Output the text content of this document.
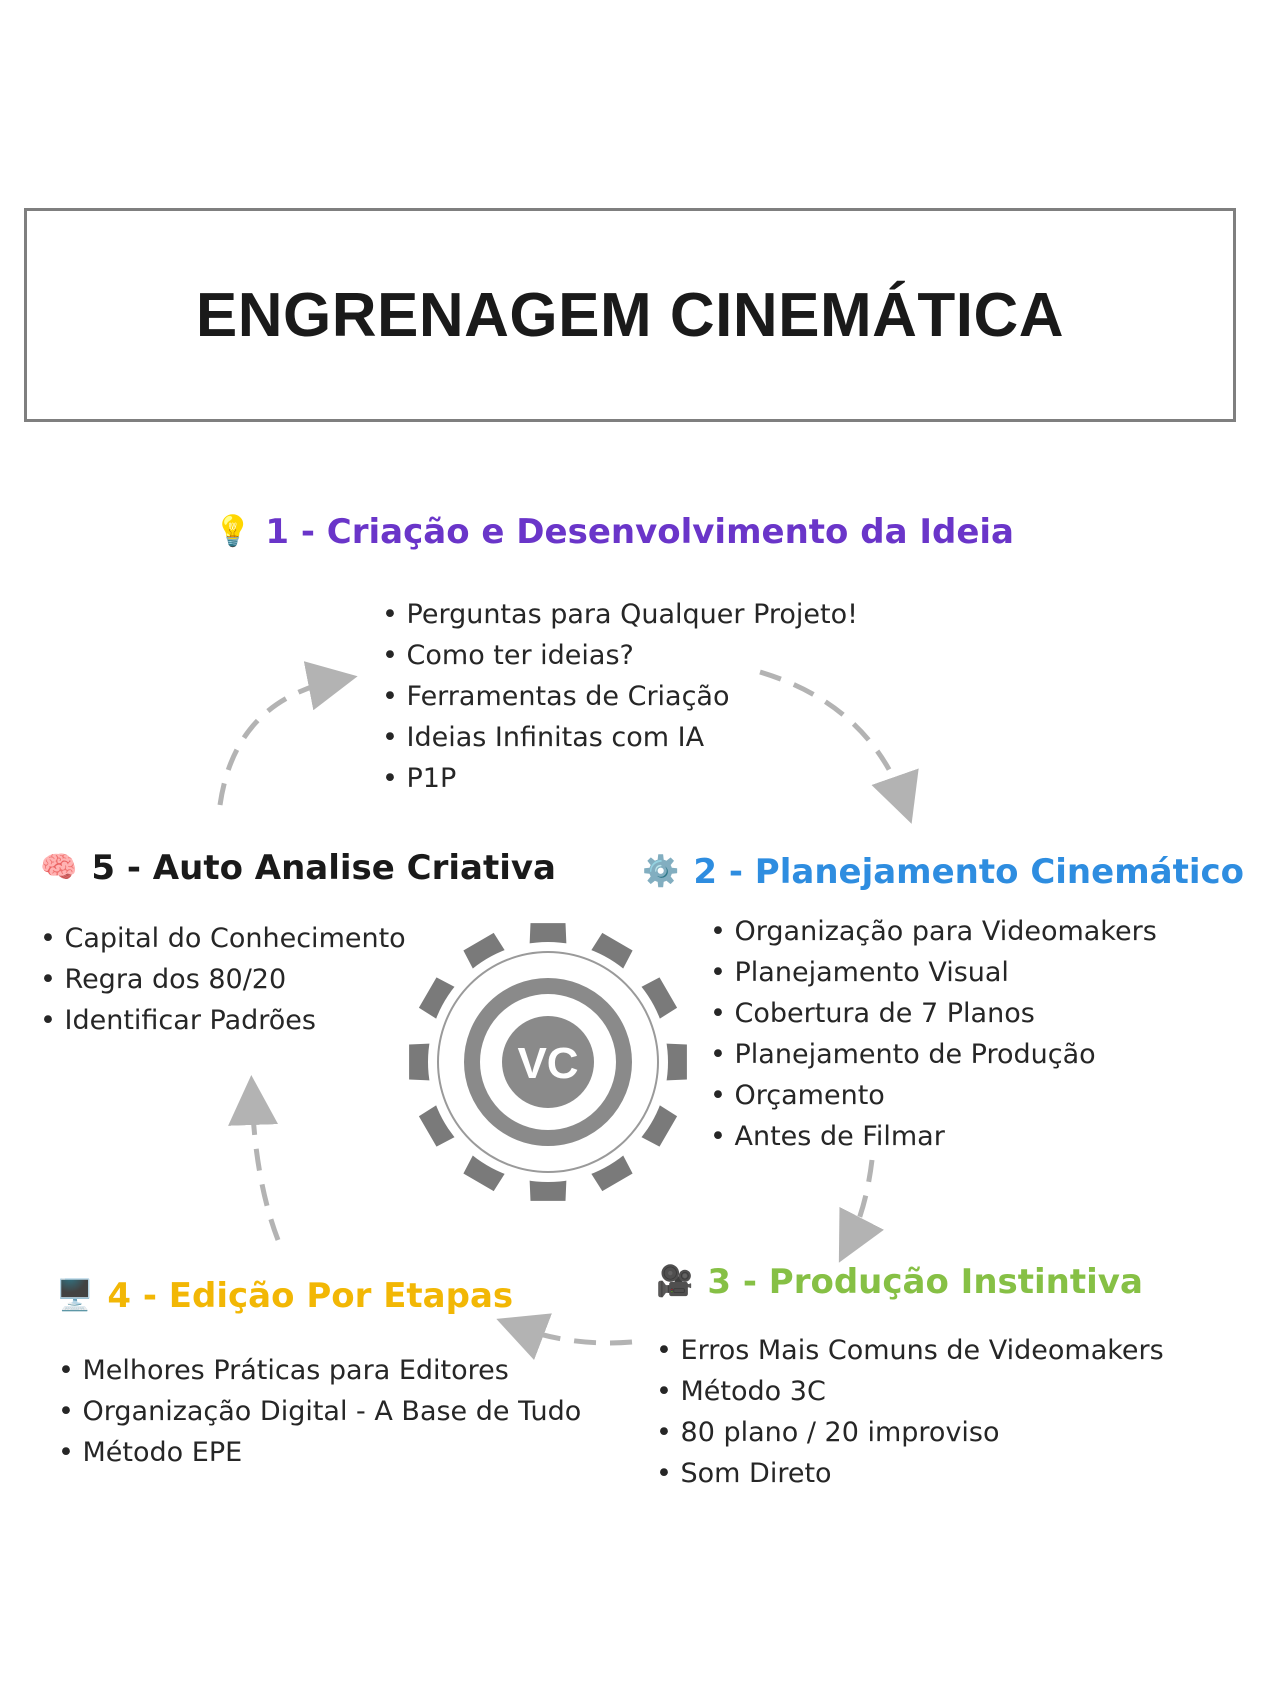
ENGRENAGEM CINEMÁTICA
💡 1 - Criação e Desenvolvimento da Ideia
• Perguntas para Qualquer Projeto!
• Como ter ideias?
• Ferramentas de Criação
• Ideias Infinitas com IA
• P1P
⚙️ 2 - Planejamento Cinemático
• Organização para Videomakers
• Planejamento Visual
• Cobertura de 7 Planos
• Planejamento de Produção
• Orçamento
• Antes de Filmar
🎥 3 - Produção Instintiva
• Erros Mais Comuns de Videomakers
• Método 3C
• 80 plano / 20 improviso
• Som Direto
🖥️ 4 - Edição Por Etapas
• Melhores Práticas para Editores
• Organização Digital - A Base de Tudo
• Método EPE
🧠 5 - Auto Analise Criativa
• Capital do Conhecimento
• Regra dos 80/20
• Identificar Padrões
VC
